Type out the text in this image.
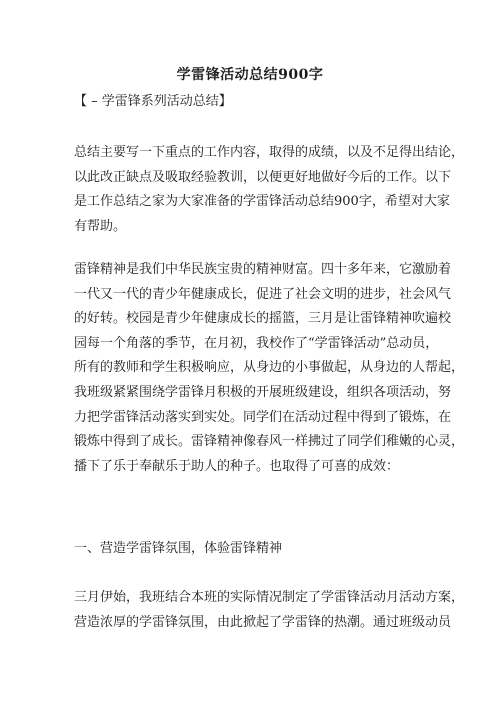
学雷锋活动总结900字
【 – 学雷锋系列活动总结】
总结主要写一下重点的工作内容，取得的成绩，以及不足得出结论，
以此改正缺点及吸取经验教训，以便更好地做好今后的工作。以下
是工作总结之家为大家准备的学雷锋活动总结900字，希望对大家
有帮助。
雷锋精神是我们中华民族宝贵的精神财富。四十多年来，它激励着
一代又一代的青少年健康成长，促进了社会文明的进步，社会风气
的好转。校园是青少年健康成长的摇篮，三月是让雷锋精神吹遍校
园每一个角落的季节，在月初，我校作了“学雷锋活动”总动员，
所有的教师和学生积极响应，从身边的小事做起，从身边的人帮起，
我班级紧紧围绕学雷锋月积极的开展班级建设，组织各项活动，努
力把学雷锋活动落实到实处。同学们在活动过程中得到了锻炼，在
锻炼中得到了成长。雷锋精神像春风一样拂过了同学们稚嫩的心灵，
播下了乐于奉献乐于助人的种子。也取得了可喜的成效：
一、营造学雷锋氛围，体验雷锋精神
三月伊始，我班结合本班的实际情况制定了学雷锋活动月活动方案，
营造浓厚的学雷锋氛围，由此掀起了学雷锋的热潮。通过班级动员
